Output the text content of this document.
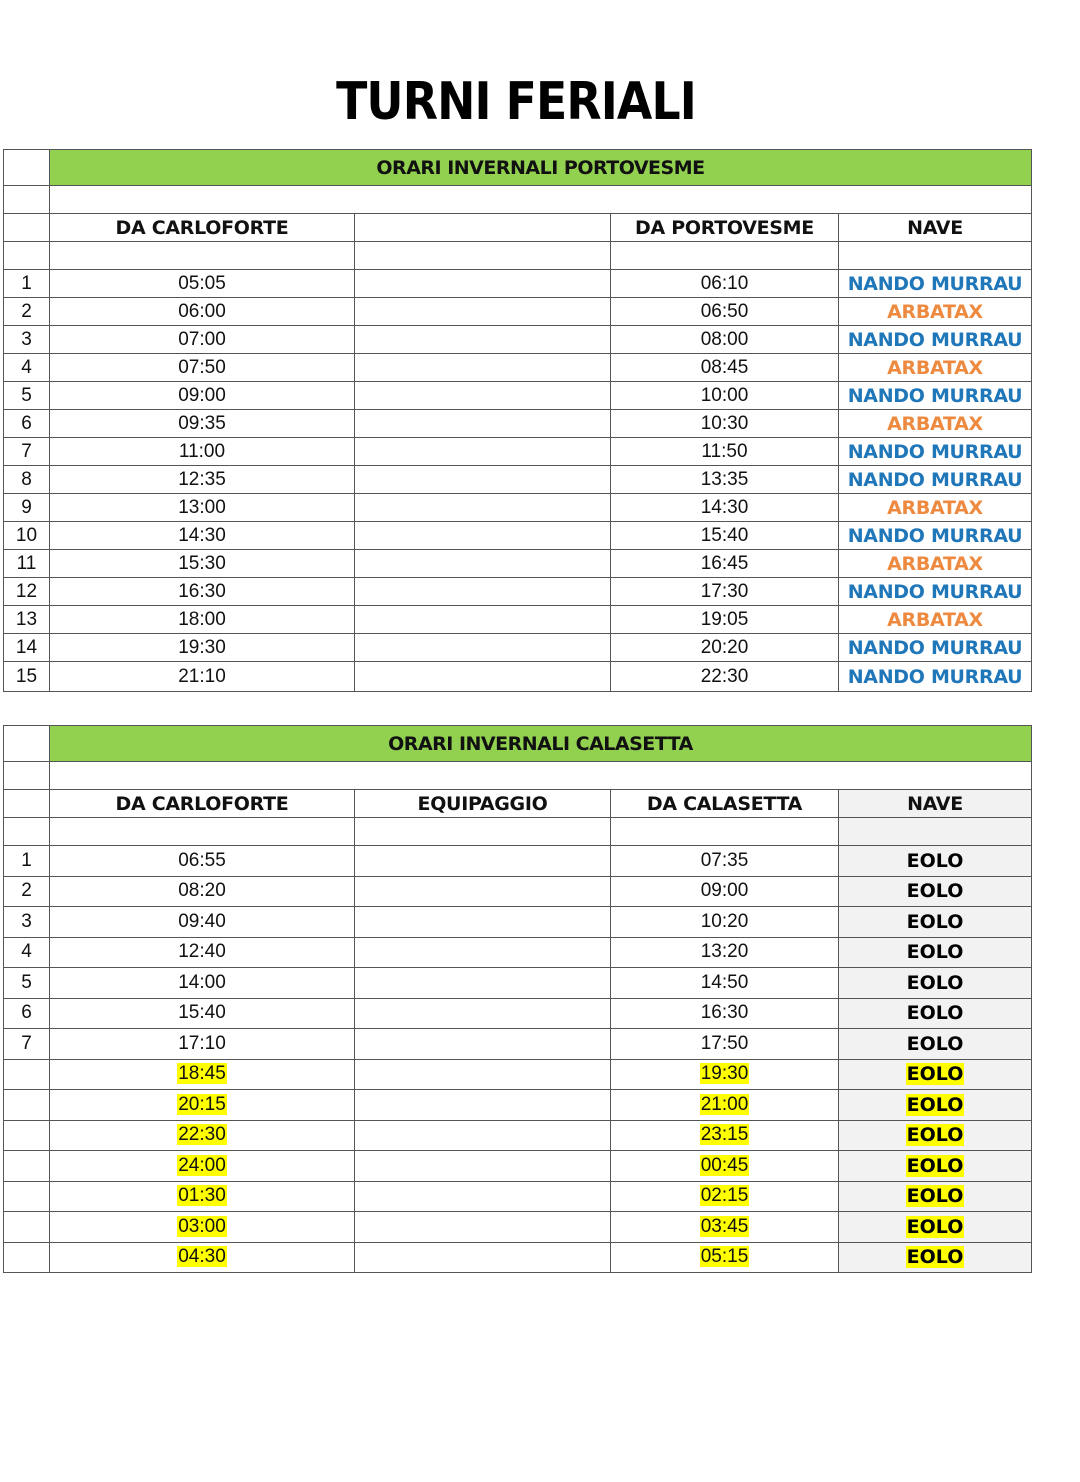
TURNI FERIALI
	ORARI INVERNALI PORTOVESME			

	DA CARLOFORTE		DA PORTOVESME	NAVE

1	05:05		06:10	NANDO MURRAU
2	06:00		06:50	ARBATAX
3	07:00		08:00	NANDO MURRAU
4	07:50		08:45	ARBATAX
5	09:00		10:00	NANDO MURRAU
6	09:35		10:30	ARBATAX
7	11:00		11:50	NANDO MURRAU
8	12:35		13:35	NANDO MURRAU
9	13:00		14:30	ARBATAX
10	14:30		15:40	NANDO MURRAU
11	15:30		16:45	ARBATAX
12	16:30		17:30	NANDO MURRAU
13	18:00		19:05	ARBATAX
14	19:30		20:20	NANDO MURRAU
15	21:10		22:30	NANDO MURRAU
	ORARI INVERNALI CALASETTA			

	DA CARLOFORTE	EQUIPAGGIO	DA CALASETTA	NAVE

1	06:55		07:35	EOLO
2	08:20		09:00	EOLO
3	09:40		10:20	EOLO
4	12:40		13:20	EOLO
5	14:00		14:50	EOLO
6	15:40		16:30	EOLO
7	17:10		17:50	EOLO
	18:45		19:30	EOLO
	20:15		21:00	EOLO
	22:30		23:15	EOLO
	24:00		00:45	EOLO
	01:30		02:15	EOLO
	03:00		03:45	EOLO
	04:30		05:15	EOLO
